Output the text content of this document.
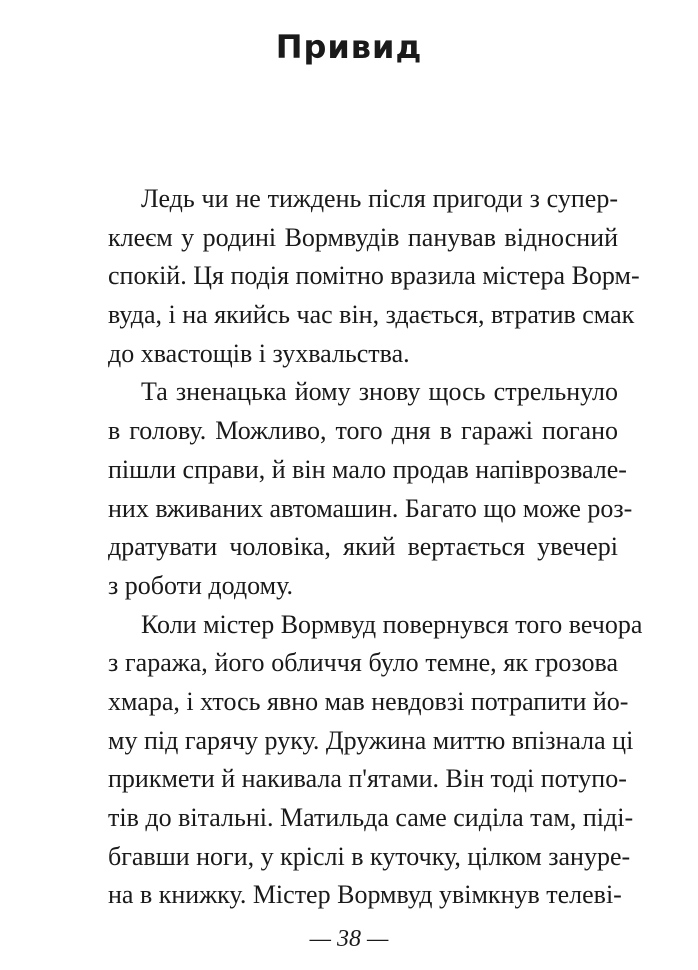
Привид
Ледь чи не тиждень після пригоди з супер-
клеєм у родині Вормвудів панував відносний
спокій. Ця подія помітно вразила містера Ворм-
вуда, і на якийсь час він, здається, втратив смак
до хвастощів і зухвальства.
Та зненацька йому знову щось стрельнуло
в голову. Можливо, того дня в гаражі погано
пішли справи, й він мало продав напіврозвале-
них вживаних автомашин. Багато що може роз-
дратувати чоловіка, який вертається увечері
з роботи додому.
Коли містер Вормвуд повернувся того вечора
з гаража, його обличчя було темне, як грозова
хмара, і хтось явно мав невдовзі потрапити йо-
му під гарячу руку. Дружина миттю впізнала ці
прикмети й накивала п'ятами. Він тоді потупо-
тів до вітальні. Матильда саме сиділа там, піді-
бгавши ноги, у кріслі в куточку, цілком зануре-
на в книжку. Містер Вормвуд увімкнув телеві-
— 38 —
